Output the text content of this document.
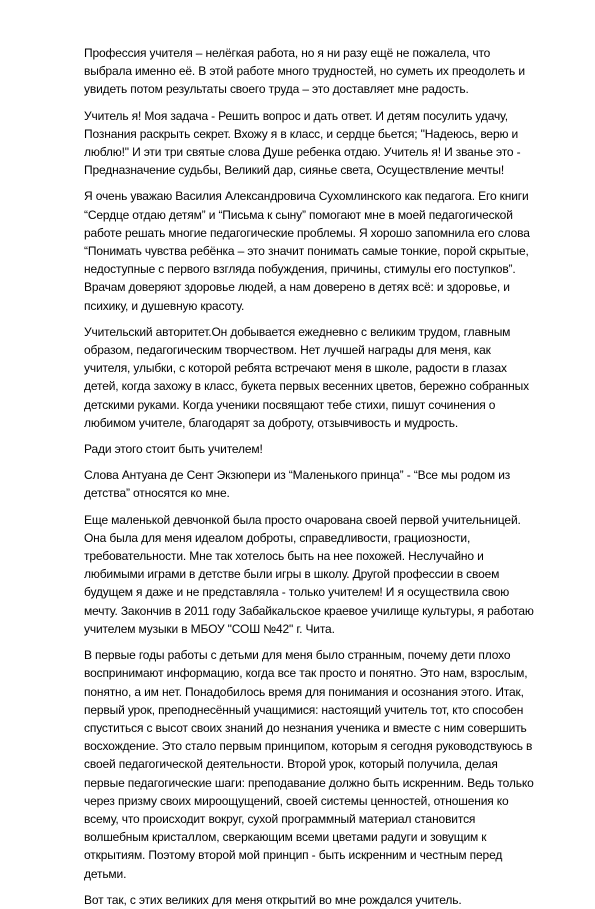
Профессия учителя – нелёгкая работа, но я ни разу ещё не пожалела, что выбрала именно её. В этой работе много трудностей, но суметь их преодолеть и увидеть потом результаты своего труда – это доставляет мне радость.

Учитель я! Моя задача - Решить вопрос и дать ответ. И детям посулить удачу, Познания раскрыть секрет. Вхожу я в класс, и сердце бьется; "Надеюсь, верю и люблю!" И эти три святые слова Душе ребенка отдаю. Учитель я! И званье это - Предназначение судьбы, Великий дар, сиянье света, Осуществление мечты!

Я очень уважаю Василия Александровича Сухомлинского как педагога. Его книги “Сердце отдаю детям” и “Письма к сыну” помогают мне в моей педагогической работе решать многие педагогические проблемы. Я хорошо запомнила его слова “Понимать чувства ребёнка – это значит понимать самые тонкие, порой скрытые, недоступные с первого взгляда побуждения, причины, стимулы его поступков”. Врачам доверяют здоровье людей, а нам доверено в детях всё: и здоровье, и психику, и душевную красоту.

Учительский авторитет.Он добывается ежедневно с великим трудом, главным образом, педагогическим творчеством. Нет лучшей награды для меня, как учителя, улыбки, с которой ребята встречают меня в школе, радости в глазах детей, когда захожу в класс, букета первых весенних цветов, бережно собранных детскими руками. Когда ученики посвящают тебе стихи, пишут сочинения о любимом учителе, благодарят за доброту, отзывчивость и мудрость.

Ради этого стоит быть учителем!

Слова Антуана де Сент Экзюпери из “Маленького принца” - “Все мы родом из детства” относятся ко мне.

Еще маленькой девчонкой была просто очарована своей первой учительницей. Она была для меня идеалом доброты, справедливости, грациозности, требовательности. Мне так хотелось быть на нее похожей. Неслучайно и любимыми играми в детстве были игры в школу. Другой профессии в своем будущем я даже и не представляла - только учителем! И я осуществила свою мечту. Закончив в 2011 году Забайкальское краевое училище культуры, я работаю учителем музыки в МБОУ "СОШ №42" г. Чита.

В первые годы работы с детьми для меня было странным, почему дети плохо воспринимают информацию, когда все так просто и понятно. Это нам, взрослым, понятно, а им нет. Понадобилось время для понимания и осознания этого. Итак, первый урок, преподнесённый учащимися: настоящий учитель тот, кто способен спуститься с высот своих знаний до незнания ученика и вместе с ним совершить восхождение. Это стало первым принципом, которым я сегодня руководствуюсь в своей педагогической деятельности. Второй урок, который получила, делая первые педагогические шаги: преподавание должно быть искренним. Ведь только через призму своих мироощущений, своей системы ценностей, отношения ко всему, что происходит вокруг, сухой программный материал становится волшебным кристаллом, сверкающим всеми цветами радуги и зовущим к открытиям. Поэтому второй мой принцип - быть искренним и честным перед детьми.

Вот так, с этих великих для меня открытий во мне рождался учитель.
